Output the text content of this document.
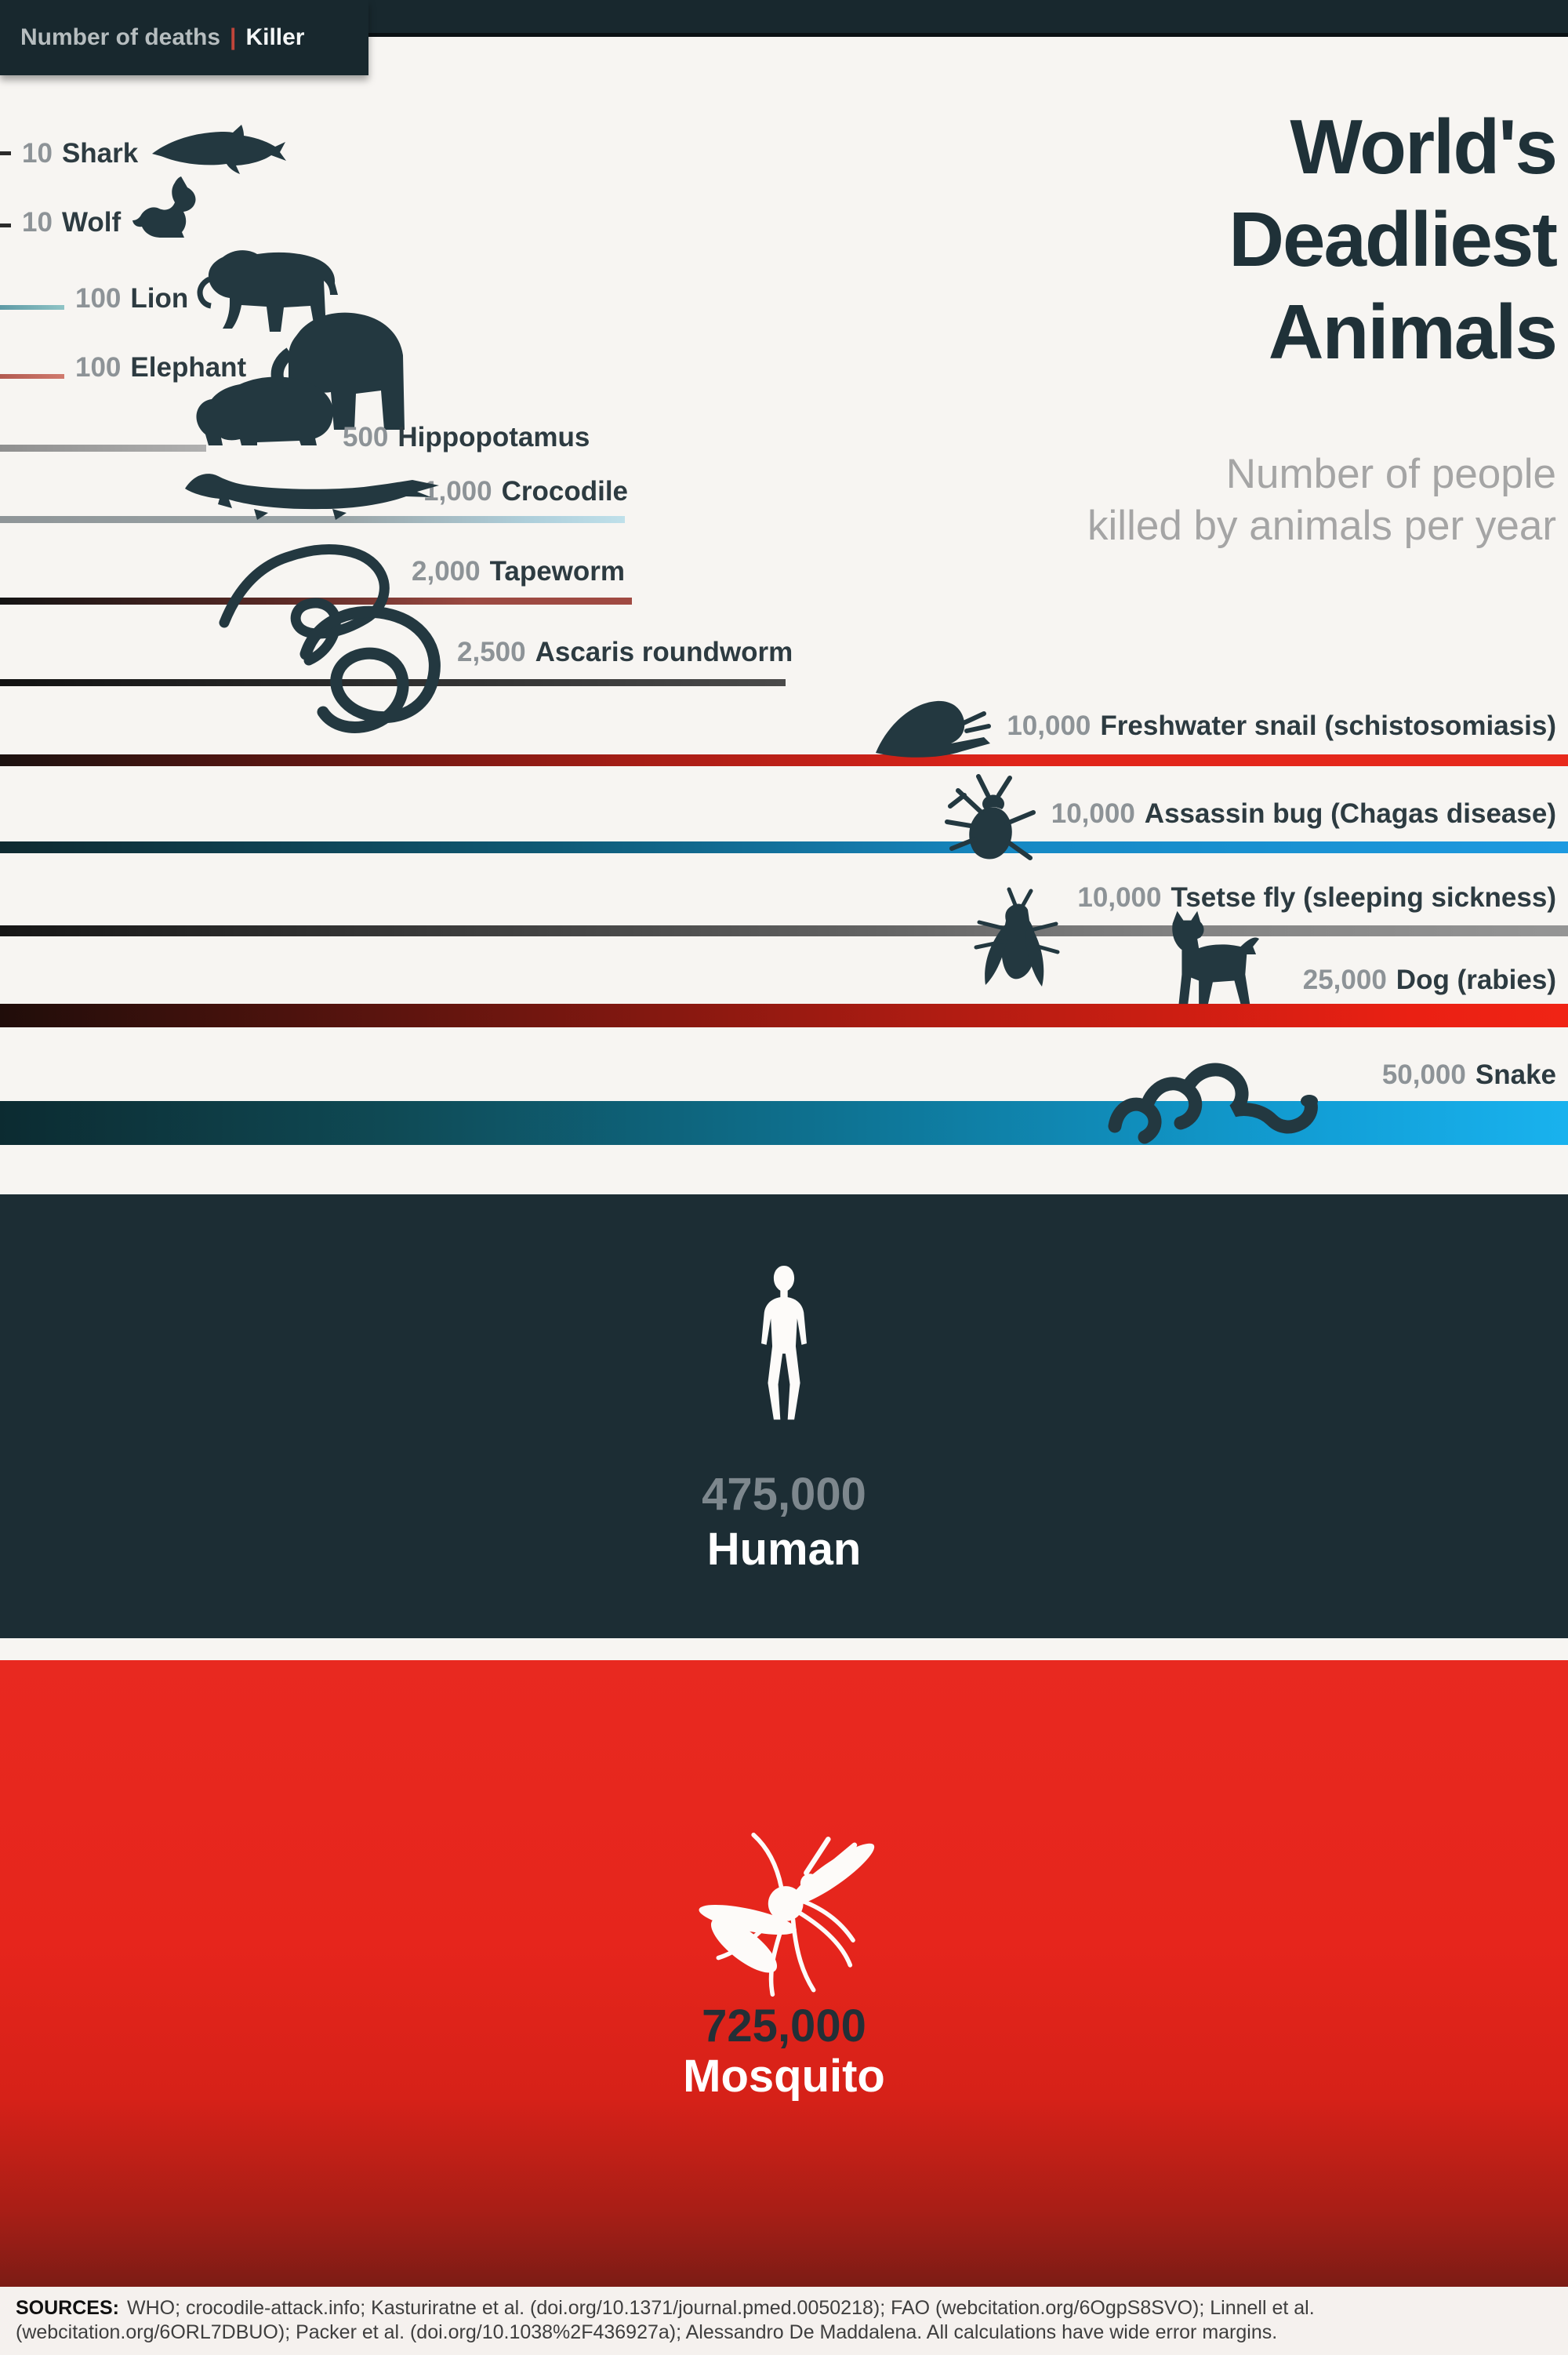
Number of deaths | Killer
World's
Deadliest
Animals
Number of people
killed by animals per year
10 Shark
10 Wolf
100 Lion
100 Elephant
500 Hippopotamus
1,000 Crocodile
2,000 Tapeworm
2,500 Ascaris roundworm
10,000 Freshwater snail (schistosomiasis)
10,000 Assassin bug (Chagas disease)
10,000 Tsetse fly (sleeping sickness)
25,000 Dog (rabies)
50,000 Snake
475,000
Human
725,000
Mosquito
SOURCES: WHO; crocodile-attack.info; Kasturiratne et al. (doi.org/10.1371/journal.pmed.0050218); FAO (webcitation.org/6OgpS8SVO); Linnell et al. (webcitation.org/6ORL7DBUO); Packer et al. (doi.org/10.1038%2F436927a); Alessandro De Maddalena. All calculations have wide error margins.
